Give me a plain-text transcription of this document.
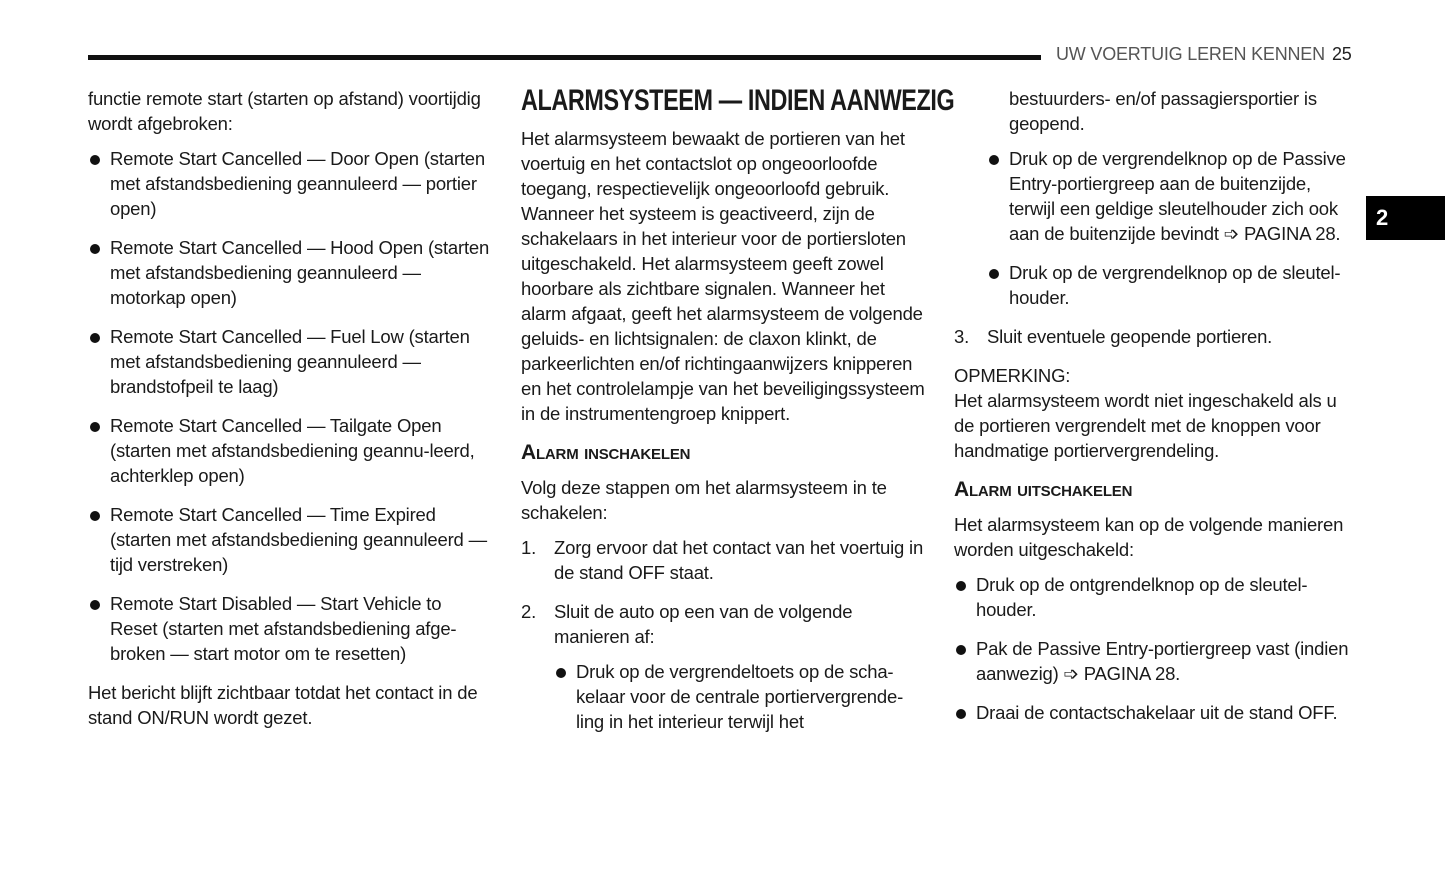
UW VOERTUIG LEREN KENNEN 25
2

functie remote start (starten op afstand) voortijdig wordt afgebroken:

Remote Start Cancelled — Door Open (starten met afstandsbediening geannuleerd — portier open)
Remote Start Cancelled — Hood Open (starten met afstandsbediening geannuleerd — motorkap open)
Remote Start Cancelled — Fuel Low (starten met afstandsbediening geannuleerd — brandstofpeil te laag)
Remote Start Cancelled — Tailgate Open (starten met afstandsbediening geannu-leerd, achterklep open)
Remote Start Cancelled — Time Expired (starten met afstandsbediening geannuleerd — tijd verstreken)
Remote Start Disabled — Start Vehicle to Reset (starten met afstandsbediening afge-broken — start motor om te resetten)

Het bericht blijft zichtbaar totdat het contact in de stand ON/RUN wordt gezet.

ALARMSYSTEEM — INDIEN AANWEZIG

Het alarmsysteem bewaakt de portieren van het voertuig en het contactslot op ongeoorloofde toegang, respectievelijk ongeoorloofd gebruik. Wanneer het systeem is geactiveerd, zijn de schakelaars in het interieur voor de portiersloten uitgeschakeld. Het alarmsysteem geeft zowel hoorbare als zichtbare signalen. Wanneer het alarm afgaat, geeft het alarmsysteem de volgende geluids- en lichtsignalen: de claxon klinkt, de parkeerlichten en/of richtingaanwijzers knipperen en het controlelampje van het beveiligingssysteem in de instrumentengroep knippert.

Alarm inschakelen

Volg deze stappen om het alarmsysteem in te schakelen:

1. Zorg ervoor dat het contact van het voertuig in de stand OFF staat.
2. Sluit de auto op een van de volgende manieren af:
Druk op de vergrendeltoets op de scha-kelaar voor de centrale portiervergrende-ling in het interieur terwijl het

bestuurders- en/of passagiersportier is geopend.

Druk op de vergrendelknop op de Passive Entry-portiergreep aan de buitenzijde, terwijl een geldige sleutelhouder zich ook aan de buitenzijde bevindt ➩ PAGINA 28.
Druk op de vergrendelknop op de sleutel-houder.
3. Sluit eventuele geopende portieren.
OPMERKING:

Het alarmsysteem wordt niet ingeschakeld als u de portieren vergrendelt met de knoppen voor handmatige portiervergrendeling.

Alarm uitschakelen

Het alarmsysteem kan op de volgende manieren worden uitgeschakeld:

Druk op de ontgrendelknop op de sleutel-houder.
Pak de Passive Entry-portiergreep vast (indien aanwezig) ➩ PAGINA 28.
Draai de contactschakelaar uit de stand OFF.
